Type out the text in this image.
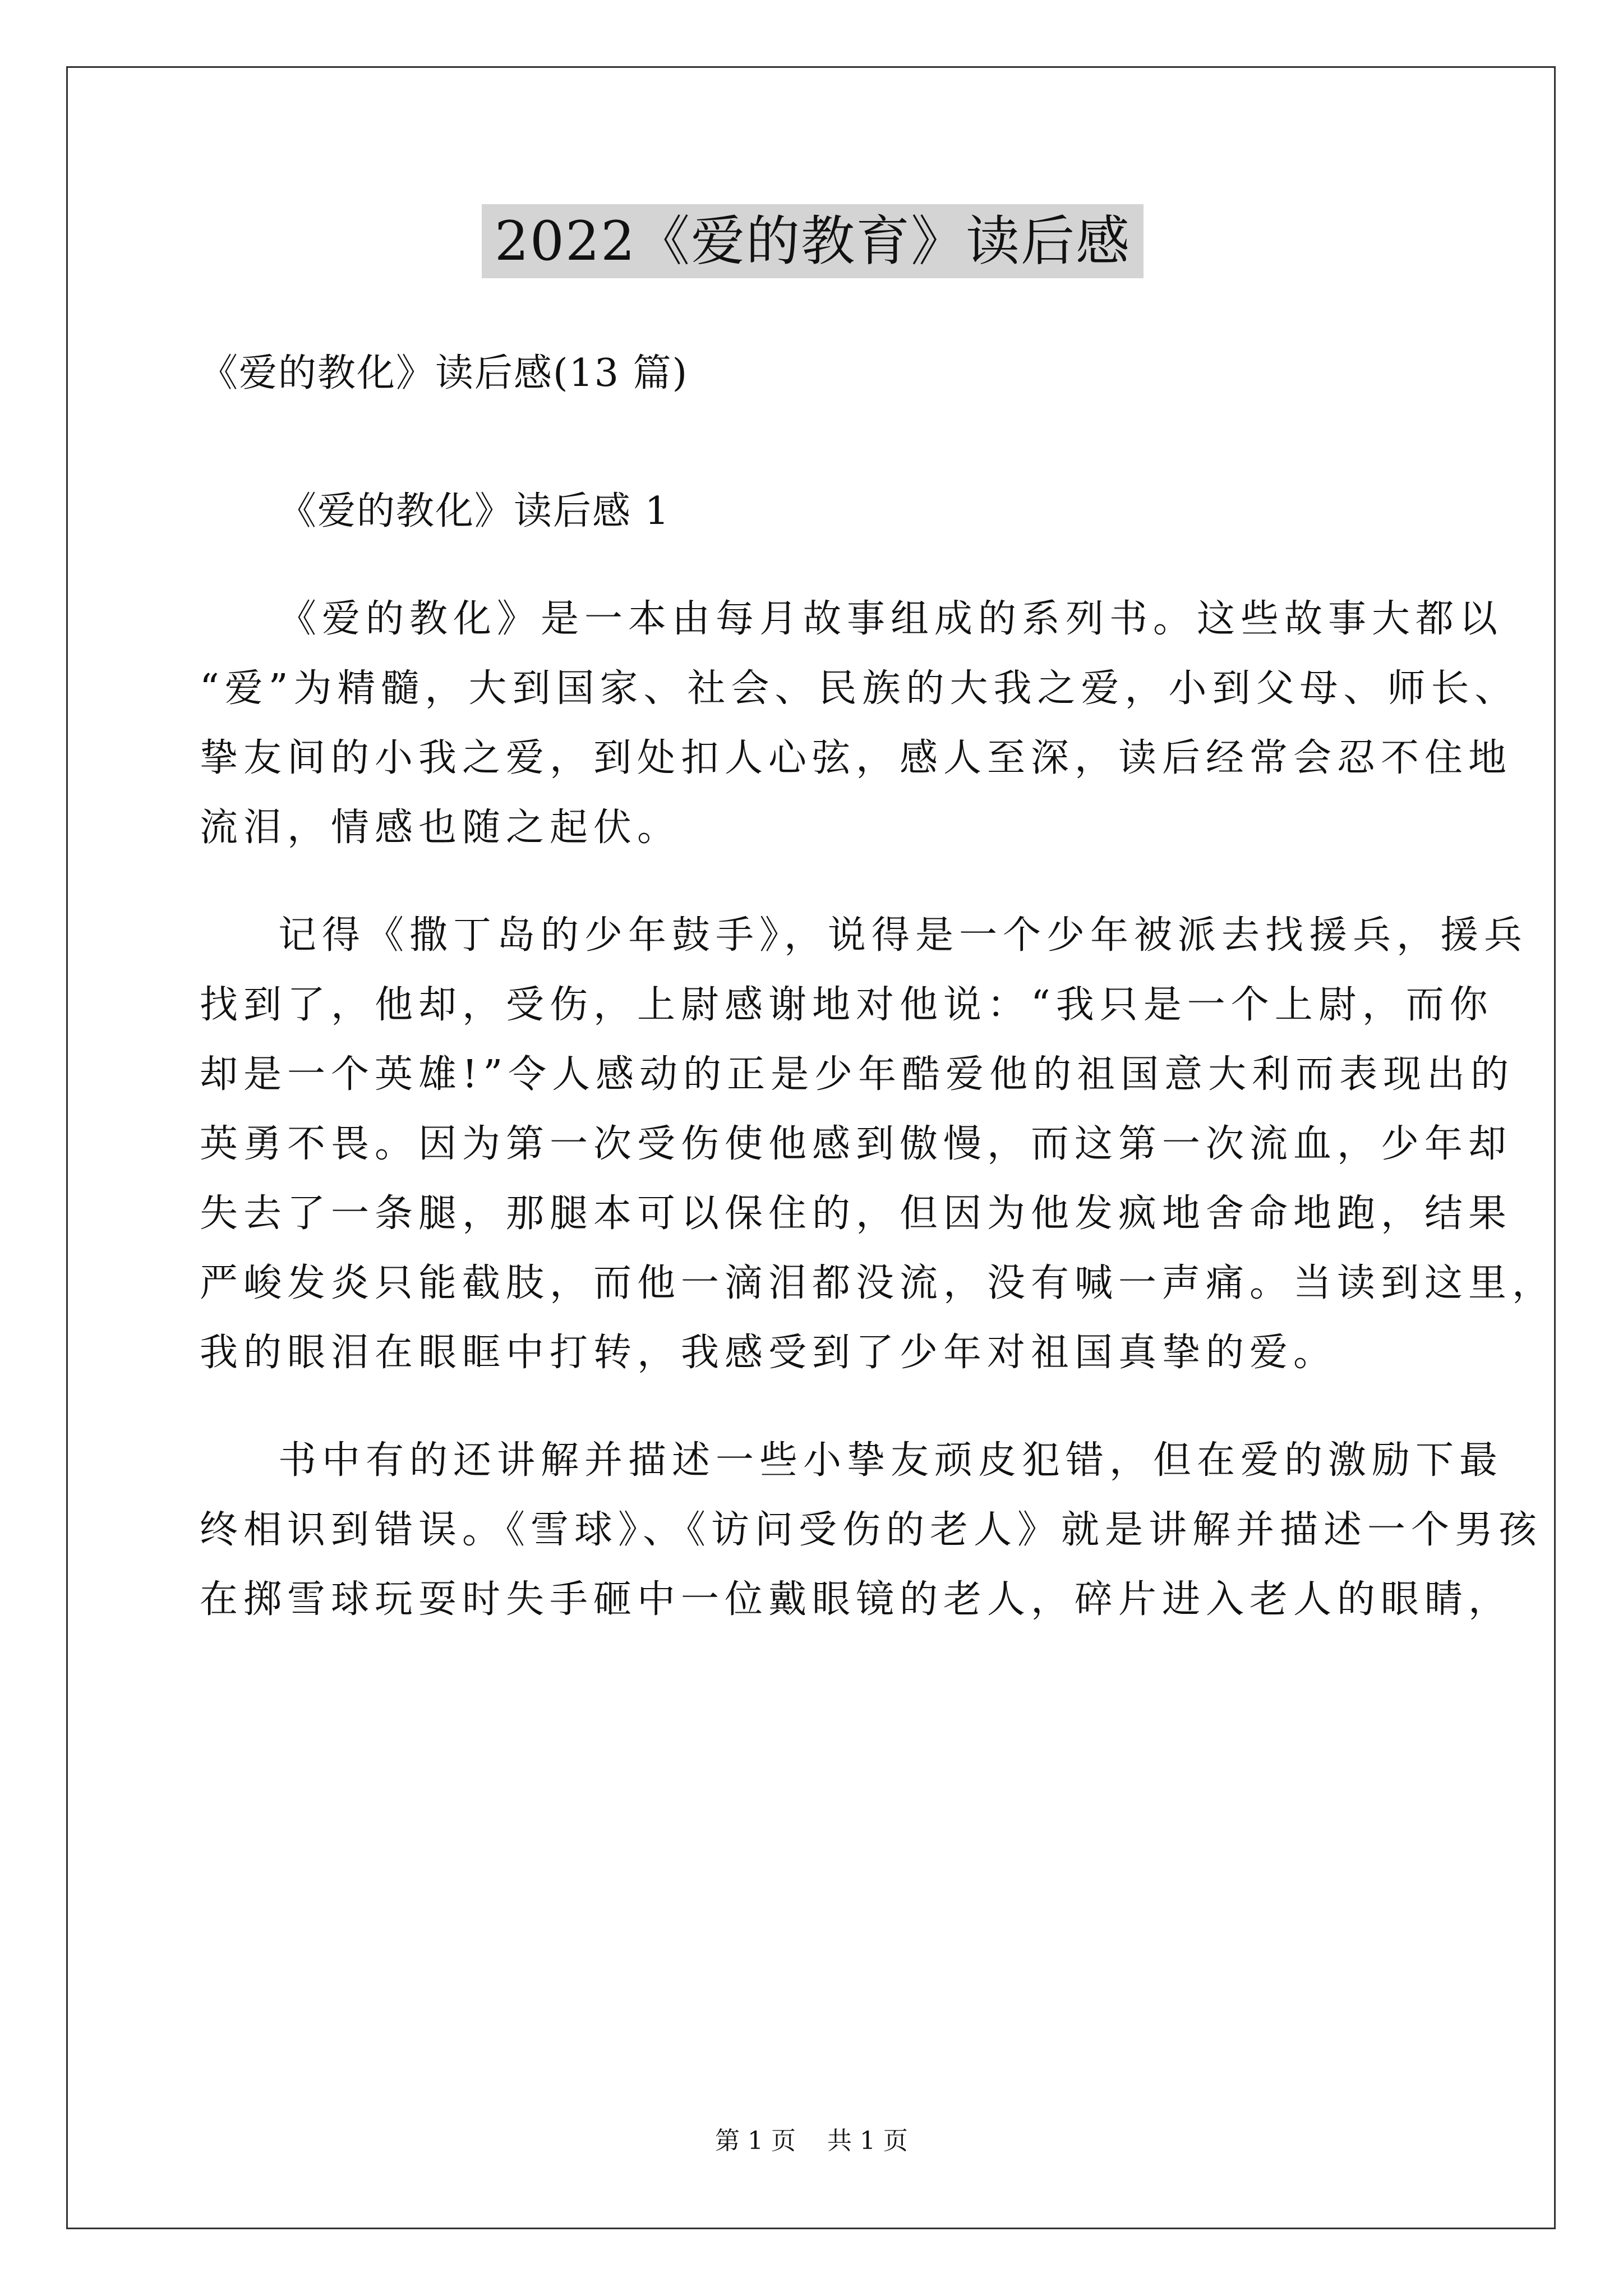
2022《爱的教育》读后感
《爱的教化》读后感(13 篇)
《爱的教化》读后感 1
《爱的教化》是一本由每月故事组成的系列书。这些故事大都以
“爱”为精髓，大到国家、社会、民族的大我之爱，小到父母、师长、
挚友间的小我之爱，到处扣人心弦，感人至深，读后经常会忍不住地
流泪，情感也随之起伏。
记得《撒丁岛的少年鼓手》，说得是一个少年被派去找援兵，援兵
找到了，他却，受伤，上尉感谢地对他说：“我只是一个上尉，而你
却是一个英雄!”令人感动的正是少年酷爱他的祖国意大利而表现出的
英勇不畏。因为第一次受伤使他感到傲慢，而这第一次流血，少年却
失去了一条腿，那腿本可以保住的，但因为他发疯地舍命地跑，结果
严峻发炎只能截肢，而他一滴泪都没流，没有喊一声痛。当读到这里，
我的眼泪在眼眶中打转，我感受到了少年对祖国真挚的爱。
书中有的还讲解并描述一些小挚友顽皮犯错，但在爱的激励下最
终相识到错误。《雪球》、《访问受伤的老人》就是讲解并描述一个男孩
在掷雪球玩耍时失手砸中一位戴眼镜的老人，碎片进入老人的眼睛，
第 1 页    共 1 页
